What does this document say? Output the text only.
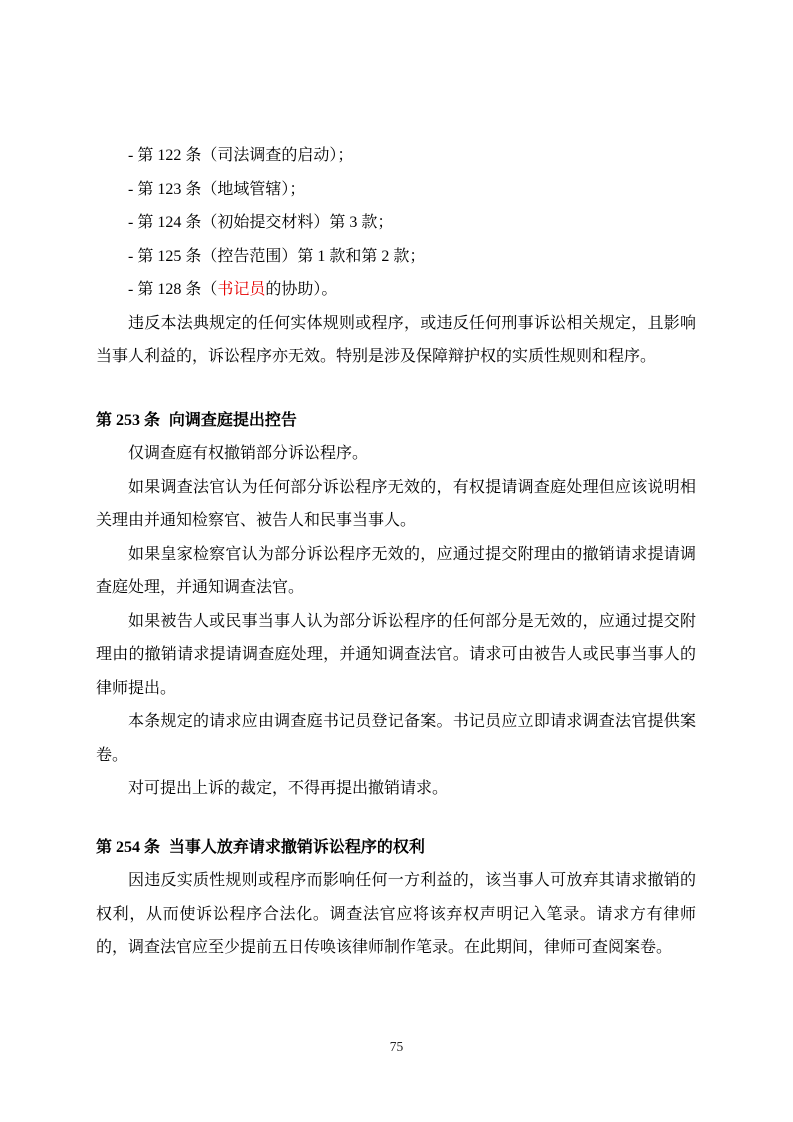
- 第 122 条（司法调查的启动）；
- 第 123 条（地域管辖）；
- 第 124 条（初始提交材料）第 3 款；
- 第 125 条（控告范围）第 1 款和第 2 款；
- 第 128 条（书记员的协助）。

违反本法典规定的任何实体规则或程序，或违反任何刑事诉讼相关规定，且影响当事人利益的，诉讼程序亦无效。特别是涉及保障辩护权的实质性规则和程序。

第 253 条 向调查庭提出控告

仅调查庭有权撤销部分诉讼程序。

如果调查法官认为任何部分诉讼程序无效的，有权提请调查庭处理但应该说明相关理由并通知检察官、被告人和民事当事人。

如果皇家检察官认为部分诉讼程序无效的，应通过提交附理由的撤销请求提请调查庭处理，并通知调查法官。

如果被告人或民事当事人认为部分诉讼程序的任何部分是无效的，应通过提交附理由的撤销请求提请调查庭处理，并通知调查法官。请求可由被告人或民事当事人的律师提出。

本条规定的请求应由调查庭书记员登记备案。书记员应立即请求调查法官提供案卷。

对可提出上诉的裁定，不得再提出撤销请求。

第 254 条 当事人放弃请求撤销诉讼程序的权利

因违反实质性规则或程序而影响任何一方利益的，该当事人可放弃其请求撤销的权利，从而使诉讼程序合法化。调查法官应将该弃权声明记入笔录。请求方有律师的，调查法官应至少提前五日传唤该律师制作笔录。在此期间，律师可查阅案卷。

75
